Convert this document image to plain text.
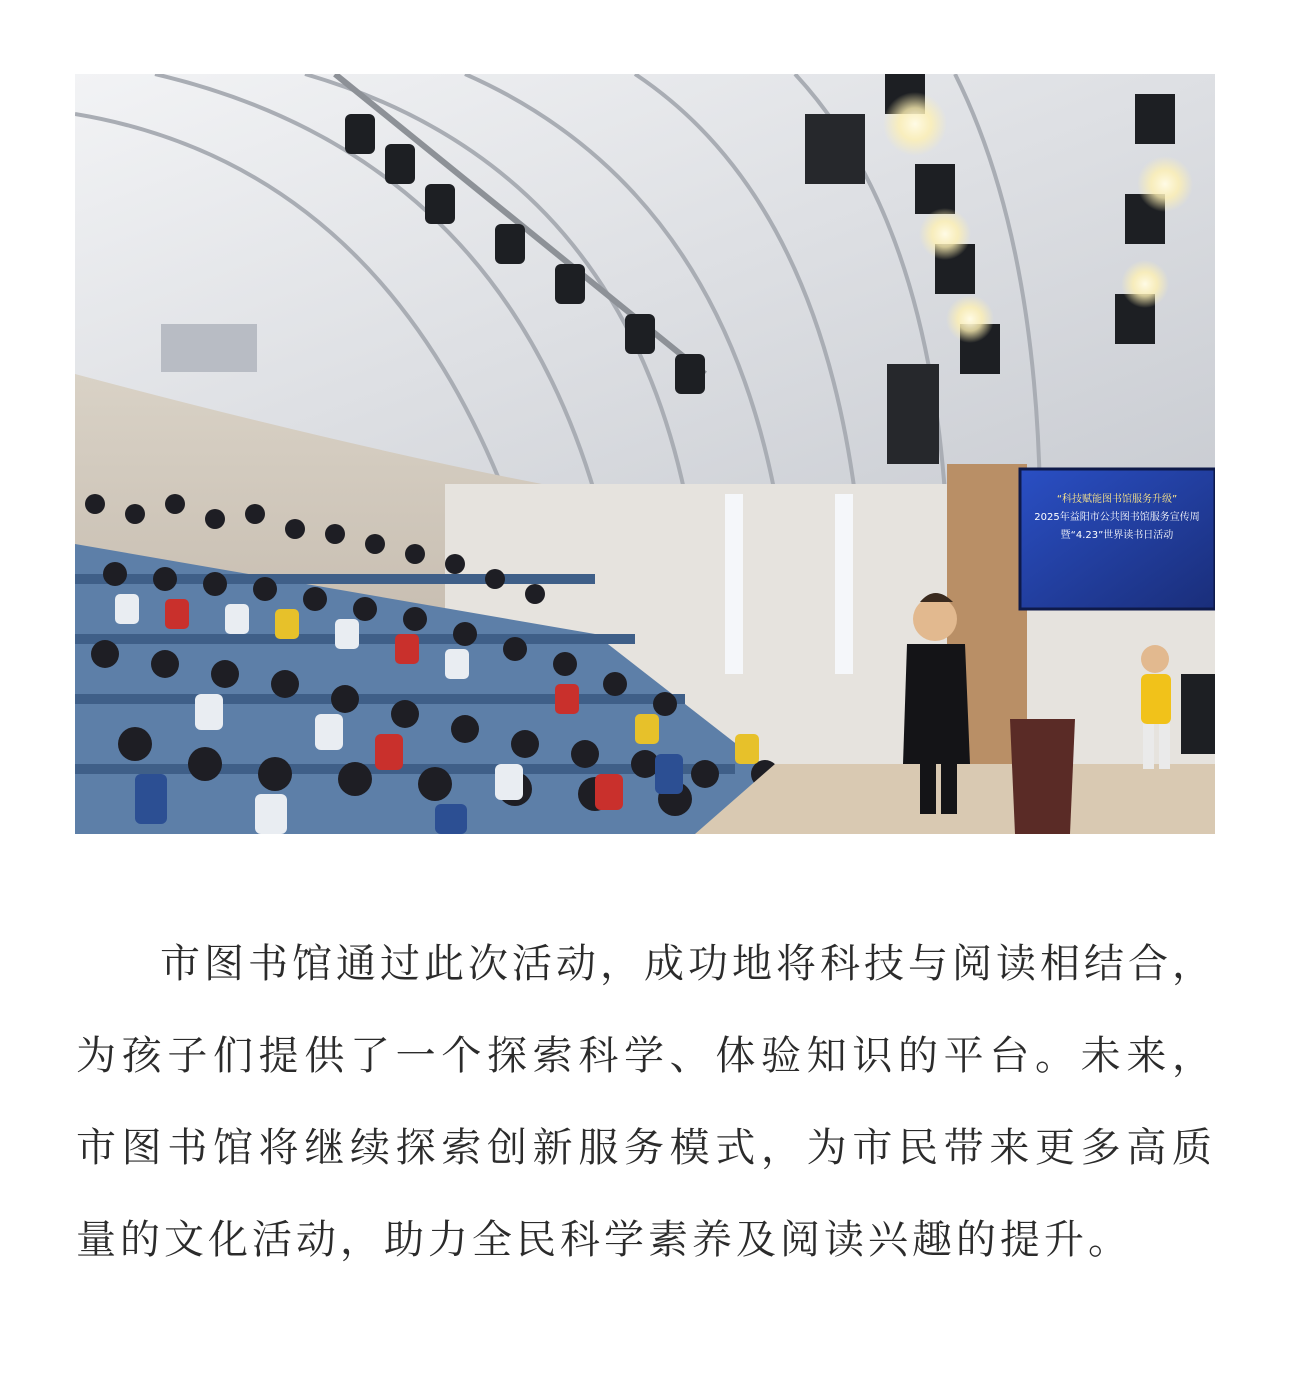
“科技赋能图书馆服务升级”
2025年益阳市公共图书馆服务宣传周
暨“4.23”世界读书日活动

市图书馆通过此次活动，成功地将科技与阅读相结合，为孩子们提供了一个探索科学、体验知识的平台。未来，市图书馆将继续探索创新服务模式，为市民带来更多高质量的文化活动，助力全民科学素养及阅读兴趣的提升。
